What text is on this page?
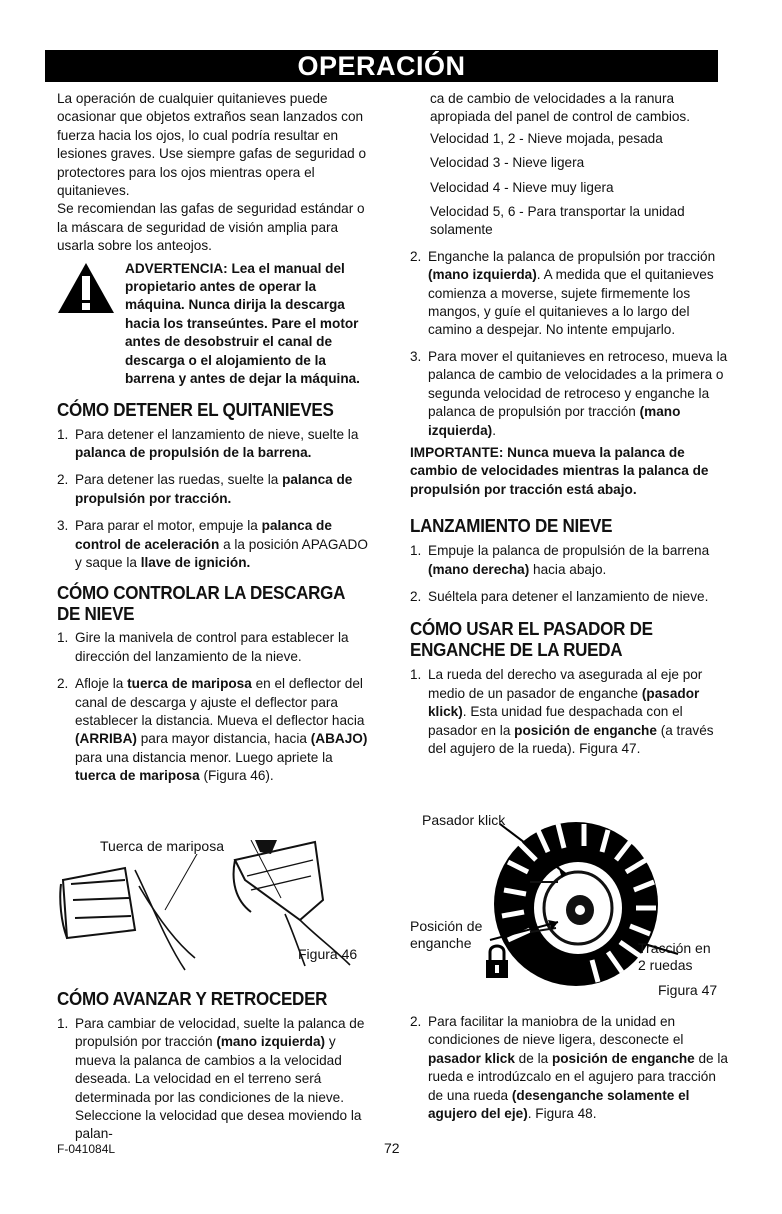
OPERACIÓN

La operación de cualquier quitanieves puede ocasionar que objetos extraños sean lanzados con fuerza hacia los ojos, lo cual podría resultar en lesiones graves. Use siempre gafas de seguridad o protectores para los ojos mientras opera el quitanieves.

Se recomiendan las gafas de seguridad estándar o la máscara de seguridad de visión amplia para usarla sobre los anteojos.

ADVERTENCIA: Lea el manual del propietario antes de operar la máquina. Nunca dirija la descarga hacia los transeúntes. Pare el motor antes de desobstruir el canal de descarga o el alojamiento de la barrena y antes de dejar la máquina.
CÓMO DETENER EL QUITANIEVES
1. Para detener el lanzamiento de nieve, suelte la palanca de propulsión de la barrena.
2. Para detener las ruedas, suelte la palanca de propulsión por tracción.
3. Para parar el motor, empuje la palanca de control de aceleración a la posición APAGADO y saque la llave de ignición.
CÓMO CONTROLAR LA DESCARGA DE NIEVE
1. Gire la manivela de control para establecer la dirección del lanzamiento de la nieve.
2. Afloje la tuerca de mariposa en el deflector del canal de descarga y ajuste el deflector para establecer la distancia. Mueva el deflector hacia (ARRIBA) para mayor distancia, hacia (ABAJO) para una distancia menor. Luego apriete la tuerca de mariposa (Figura 46).
Tuerca de mariposa
Figura 46
CÓMO AVANZAR Y RETROCEDER
1. Para cambiar de velocidad, suelte la palanca de propulsión por tracción (mano izquierda) y mueva la palanca de cambios a la velocidad deseada. La velocidad en el terreno será determinada por las condiciones de la nieve. Seleccione la velocidad que desea moviendo la palan-

ca de cambio de velocidades a la ranura apropiada del panel de control de cambios.

Velocidad 1, 2 - Nieve mojada, pesada

Velocidad 3 - Nieve ligera

Velocidad 4 - Nieve muy ligera

Velocidad 5, 6 - Para transportar la unidad solamente

2. Enganche la palanca de propulsión por tracción (mano izquierda). A medida que el quitanieves comienza a moverse, sujete firmemente los mangos, y guíe el quitanieves a lo largo del camino a despejar. No intente empujarlo.
3. Para mover el quitanieves en retroceso, mueva la palanca de cambio de velocidades a la primera o segunda velocidad de retroceso y enganche la palanca de propulsión por tracción (mano izquierda).

IMPORTANTE: Nunca mueva la palanca de cambio de velocidades mientras la palanca de propulsión por tracción está abajo.

LANZAMIENTO DE NIEVE
1. Empuje la palanca de propulsión de la barrena (mano derecha) hacia abajo.
2. Suéltela para detener el lanzamiento de nieve.
CÓMO USAR EL PASADOR DE ENGANCHE DE LA RUEDA
1. La rueda del derecho va asegurada al eje por medio de un pasador de enganche (pasador klick). Esta unidad fue despachada con el pasador en la posición de enganche (a través del agujero de la rueda). Figura 47.
Pasador klick
Posición de
enganche	Tracción en
2 ruedas
Figura 47
2. Para facilitar la maniobra de la unidad en condiciones de nieve ligera, desconecte el pasador klick de la posición de enganche de la rueda e introdúzcalo en el agujero para tracción de una rueda (desenganche solamente el agujero del eje). Figura 48.
F-041084L	72
